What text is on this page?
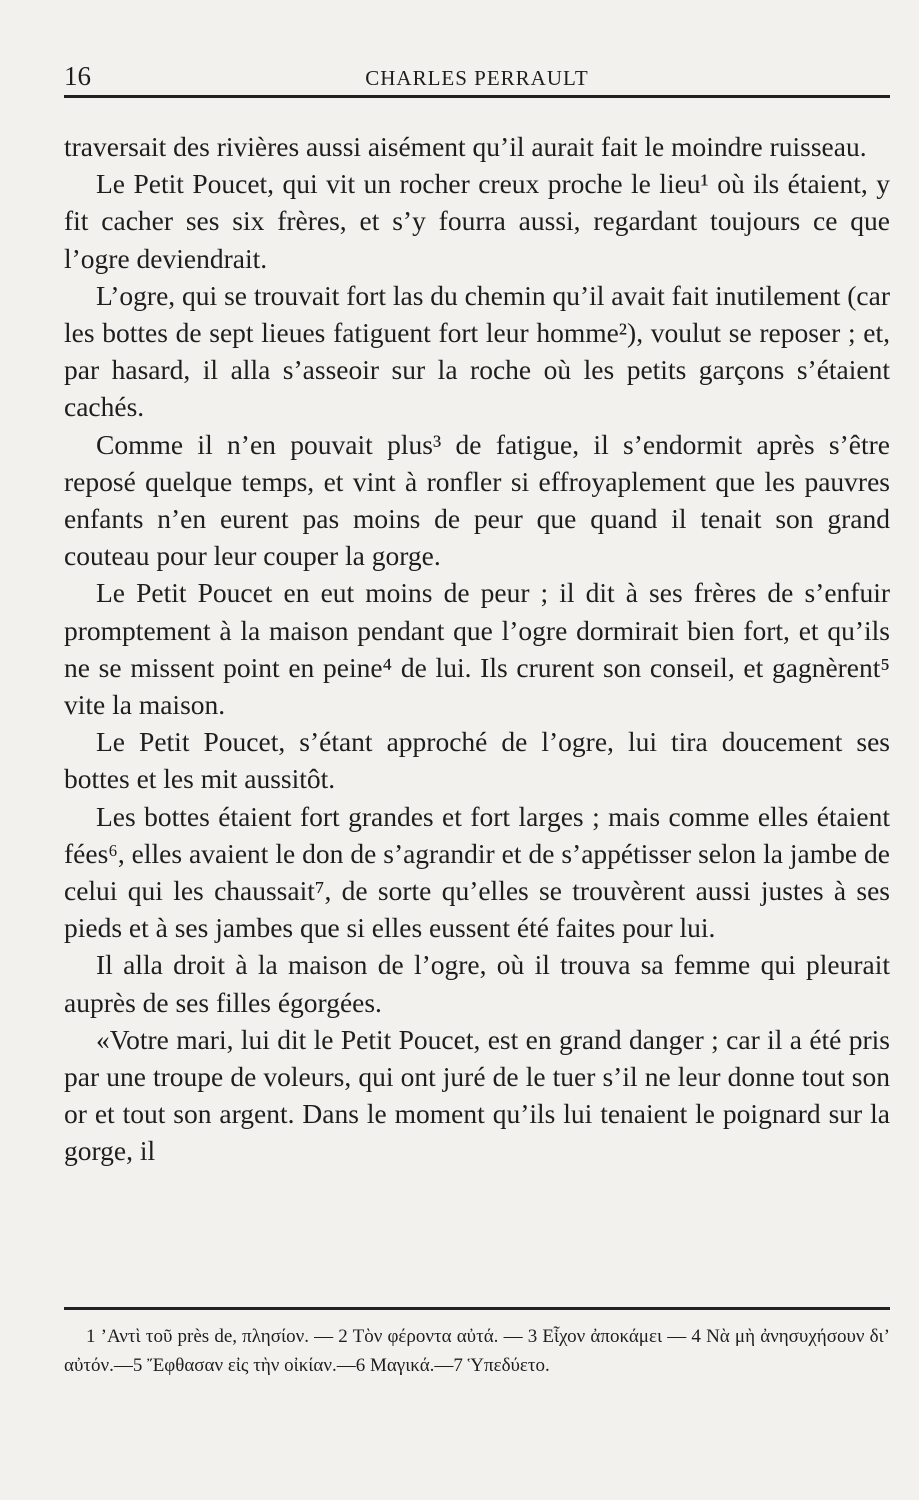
16	CHARLES PERRAULT

traversait des rivières aussi aisément qu’il aurait fait le moindre ruisseau.

Le Petit Poucet, qui vit un rocher creux proche le lieu¹ où ils étaient, y fit cacher ses six frères, et s’y fourra aussi, regardant toujours ce que l’ogre deviendrait.

L’ogre, qui se trouvait fort las du chemin qu’il avait fait inutilement (car les bottes de sept lieues fatiguent fort leur homme²), voulut se reposer ; et, par hasard, il alla s’asseoir sur la roche où les petits garçons s’étaient cachés.

Comme il n’en pouvait plus³ de fatigue, il s’endormit après s’être reposé quelque temps, et vint à ronfler si effroyaplement que les pauvres enfants n’en eurent pas moins de peur que quand il tenait son grand couteau pour leur couper la gorge.

Le Petit Poucet en eut moins de peur ; il dit à ses frères de s’enfuir promptement à la maison pendant que l’ogre dormirait bien fort, et qu’ils ne se missent point en peine⁴ de lui. Ils crurent son conseil, et gagnèrent⁵ vite la maison.

Le Petit Poucet, s’étant approché de l’ogre, lui tira doucement ses bottes et les mit aussitôt.

Les bottes étaient fort grandes et fort larges ; mais comme elles étaient fées⁶, elles avaient le don de s’agrandir et de s’appétisser selon la jambe de celui qui les chaussait⁷, de sorte qu’elles se trouvèrent aussi justes à ses pieds et à ses jambes que si elles eussent été faites pour lui.

Il alla droit à la maison de l’ogre, où il trouva sa femme qui pleurait auprès de ses filles égorgées.

«Votre mari, lui dit le Petit Poucet, est en grand danger ; car il a été pris par une troupe de voleurs, qui ont juré de le tuer s’il ne leur donne tout son or et tout son argent. Dans le moment qu’ils lui tenaient le poignard sur la gorge, il

1 ’Αντὶ τοῦ près de, πλησίον. — 2 Τὸν φέροντα αὐτά. — 3 Εἶχον ἀποκάμει — 4 Νὰ μὴ ἀνησυχήσουν δι’ αὐτόν.—5 Ἔφθασαν εἰς τὴν οἰκίαν.—6 Μαγικά.—7 Ὑπεδύετο.
